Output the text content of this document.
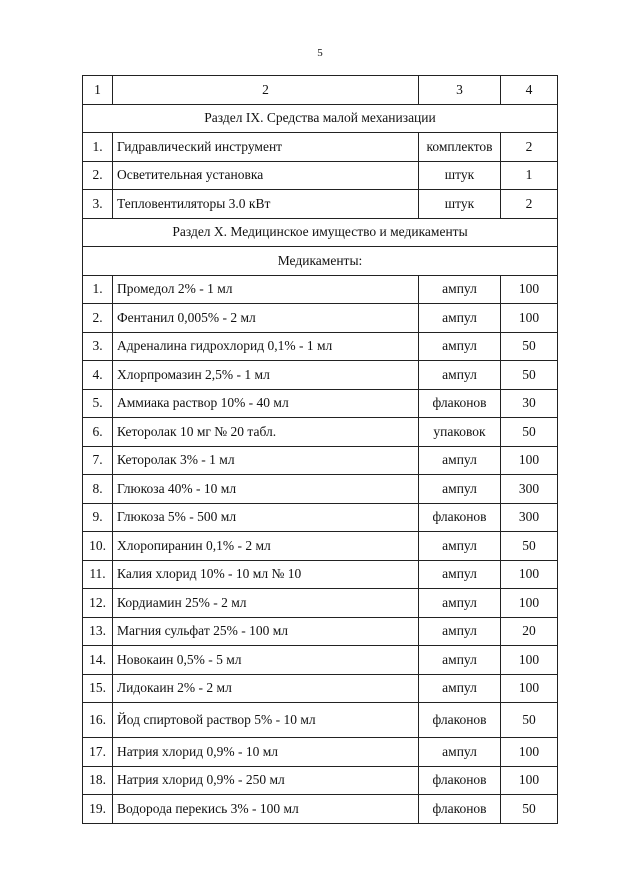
5
1	2	3	4
Раздел IX. Средства малой механизации			
1.	Гидравлический инструмент	комплектов	2
2.	Осветительная установка	штук	1
3.	Тепловентиляторы 3.0 кВт	штук	2
Раздел X. Медицинское имущество и медикаменты			
Медикаменты:			
1.	Промедол 2% - 1 мл	ампул	100
2.	Фентанил 0,005% - 2 мл	ампул	100
3.	Адреналина гидрохлорид 0,1% - 1 мл	ампул	50
4.	Хлорпромазин 2,5% - 1 мл	ампул	50
5.	Аммиака раствор 10% - 40 мл	флаконов	30
6.	Кеторолак 10 мг № 20 табл.	упаковок	50
7.	Кеторолак 3% - 1 мл	ампул	100
8.	Глюкоза 40% - 10 мл	ампул	300
9.	Глюкоза 5% - 500 мл	флаконов	300
10.	Хлоропиранин 0,1% - 2 мл	ампул	50
11.	Калия хлорид 10% - 10 мл № 10	ампул	100
12.	Кордиамин 25% - 2 мл	ампул	100
13.	Магния сульфат 25% - 100 мл	ампул	20
14.	Новокаин 0,5% - 5 мл	ампул	100
15.	Лидокаин 2% - 2 мл	ампул	100
16.	Йод спиртовой раствор 5% - 10 мл	флаконов	50
17.	Натрия хлорид 0,9% - 10 мл	ампул	100
18.	Натрия хлорид 0,9% - 250 мл	флаконов	100
19.	Водорода перекись 3% - 100 мл	флаконов	50
